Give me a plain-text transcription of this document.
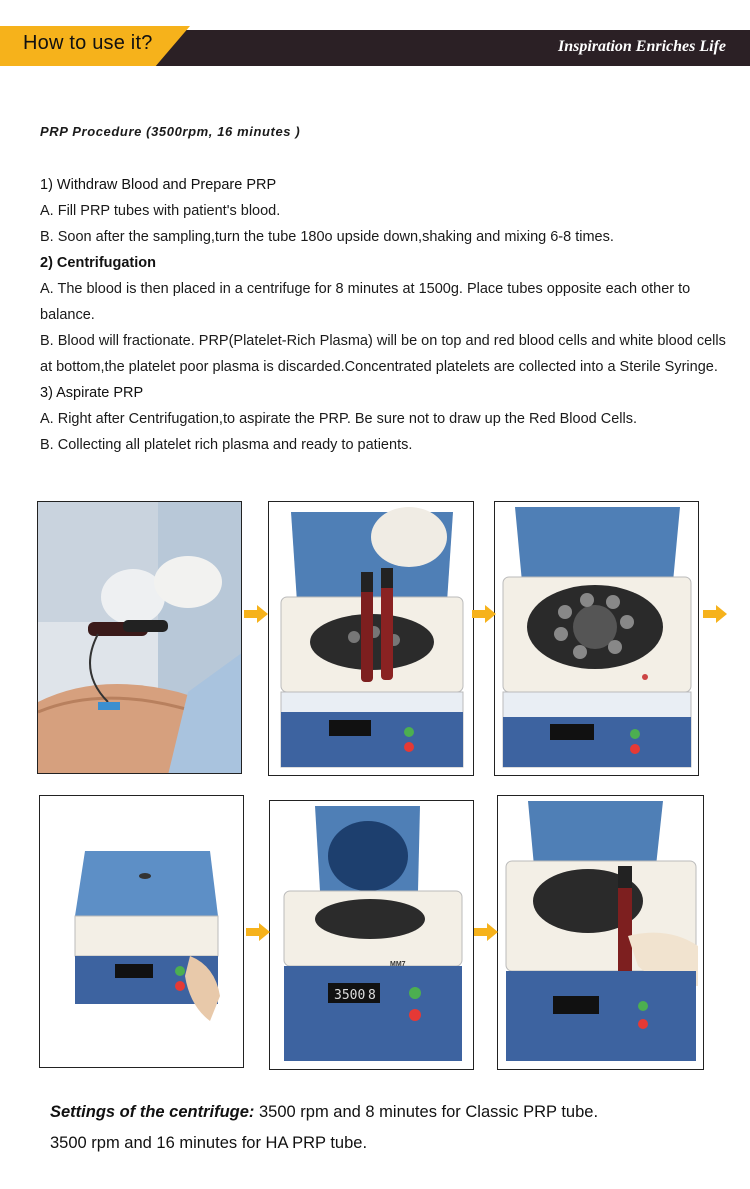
How to use it?	Inspiration Enriches Life
PRP Procedure (3500rpm, 16 minutes )

1) Withdraw Blood and Prepare PRP

A. Fill PRP tubes with patient's blood.

B. Soon after the sampling,turn the tube 180o upside down,shaking and mixing 6-8 times.

2) Centrifugation

A. The blood is then placed in a centrifuge for 8 minutes at 1500g. Place tubes opposite each other to balance.

B. Blood will fractionate. PRP(Platelet-Rich Plasma) will be on top and red blood cells and white blood cells at bottom,the platelet poor plasma is discarded.Concentrated platelets are collected into a Sterile Syringe.

3) Aspirate PRP

A. Right after Centrifugation,to aspirate the PRP. Be sure not to draw up the Red Blood Cells.

B. Collecting all platelet rich plasma and ready to patients.

3500 8
MM7
Settings of the centrifuge: 3500 rpm and 8 minutes for Classic PRP tube.
3500 rpm and 16 minutes for HA PRP tube.
